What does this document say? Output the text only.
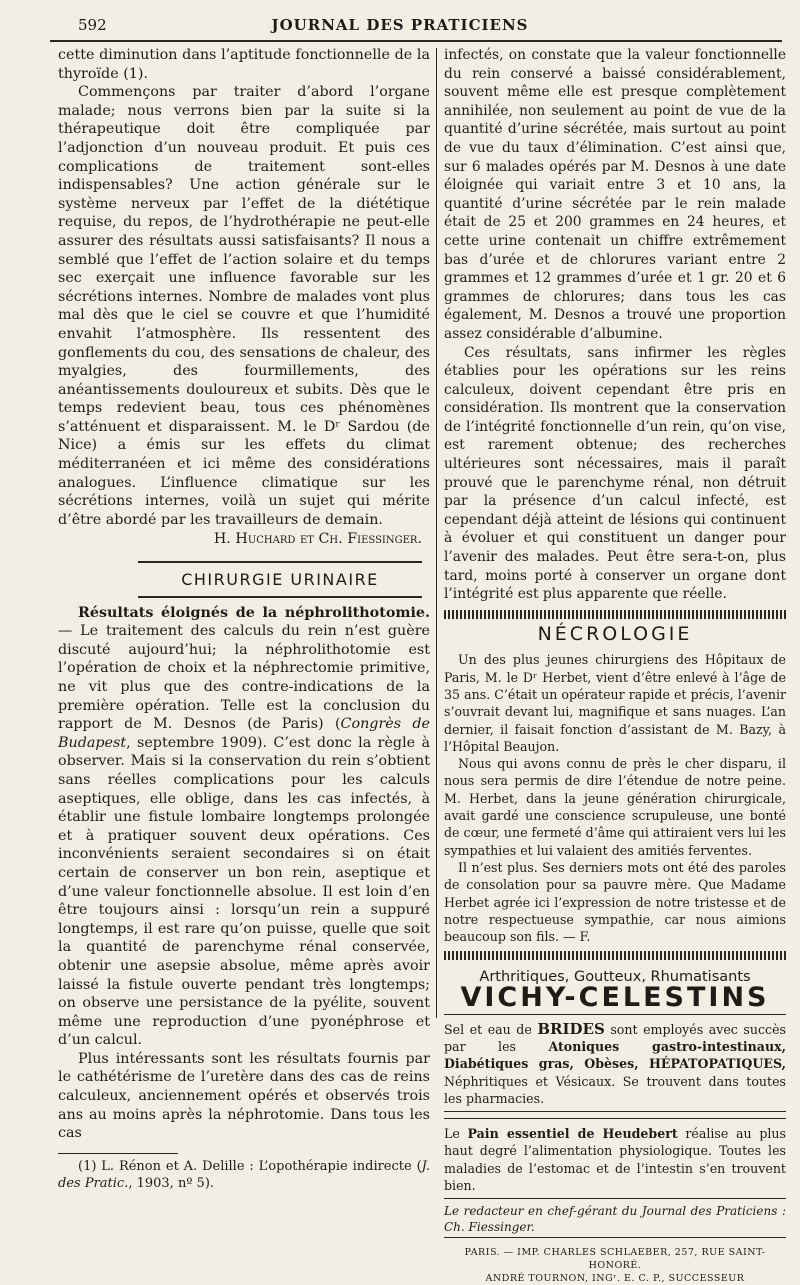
592	JOURNAL DES PRATICIENS

cette diminution dans l’aptitude fonctionnelle de la thyroïde (1).

Commençons par traiter d’abord l’organe malade; nous verrons bien par la suite si la thérapeutique doit être compliquée par l’adjonction d’un nouveau produit. Et puis ces complications de traitement sont-elles indispensables? Une action générale sur le système nerveux par l’effet de la diététique requise, du repos, de l’hydrothérapie ne peut-elle assurer des résultats aussi satisfaisants? Il nous a semblé que l’effet de l’action solaire et du temps sec exerçait une influence favorable sur les sécrétions internes. Nombre de malades vont plus mal dès que le ciel se couvre et que l’humidité envahit l’atmosphère. Ils ressentent des gonflements du cou, des sensations de chaleur, des myalgies, des fourmillements, des anéantissements douloureux et subits. Dès que le temps redevient beau, tous ces phénomènes s’atténuent et disparaissent. M. le Dʳ Sardou (de Nice) a émis sur les effets du climat méditerranéen et ici même des considérations analogues. L’influence climatique sur les sécrétions internes, voilà un sujet qui mérite d’être abordé par les travailleurs de demain.

H. Huchard et Ch. Fiessinger.
CHIRURGIE URINAIRE

Résultats éloignés de la néphrolithotomie. — Le traitement des calculs du rein n’est guère discuté aujourd’hui; la néphrolithotomie est l’opération de choix et la néphrectomie primitive, ne vit plus que des contre-indications de la première opération. Telle est la conclusion du rapport de M. Desnos (de Paris) (Congrès de Budapest, septembre 1909). C’est donc la règle à observer. Mais si la conservation du rein s’obtient sans réelles complications pour les calculs aseptiques, elle oblige, dans les cas infectés, à établir une fistule lombaire longtemps prolongée et à pratiquer souvent deux opérations. Ces inconvénients seraient secondaires si on était certain de conserver un bon rein, aseptique et d’une valeur fonctionnelle absolue. Il est loin d’en être toujours ainsi : lorsqu’un rein a suppuré longtemps, il est rare qu’on puisse, quelle que soit la quantité de parenchyme rénal conservée, obtenir une asepsie absolue, même après avoir laissé la fistule ouverte pendant très longtemps; on observe une persistance de la pyélite, souvent même une reproduction d’une pyonéphrose et d’un calcul.

Plus intéressants sont les résultats fournis par le cathétérisme de l’uretère dans des cas de reins calculeux, anciennement opérés et observés trois ans au moins après la néphrotomie. Dans tous les cas

(1) L. Rénon et A. Delille : L’opothérapie indirecte (J. des Pratic., 1903, nº 5).

infectés, on constate que la valeur fonctionnelle du rein conservé a baissé considérablement, souvent même elle est presque complètement annihilée, non seulement au point de vue de la quantité d’urine sécrétée, mais surtout au point de vue du taux d’élimination. C’est ainsi que, sur 6 malades opérés par M. Desnos à une date éloignée qui variait entre 3 et 10 ans, la quantité d’urine sécrétée par le rein malade était de 25 et 200 grammes en 24 heures, et cette urine contenait un chiffre extrêmement bas d’urée et de chlorures variant entre 2 grammes et 12 grammes d’urée et 1 gr. 20 et 6 grammes de chlorures; dans tous les cas également, M. Desnos a trouvé une proportion assez considérable d’albumine.

Ces résultats, sans infirmer les règles établies pour les opérations sur les reins calculeux, doivent cependant être pris en considération. Ils montrent que la conservation de l’intégrité fonctionnelle d’un rein, qu’on vise, est rarement obtenue; des recherches ultérieures sont nécessaires, mais il paraît prouvé que le parenchyme rénal, non détruit par la présence d’un calcul infecté, est cependant déjà atteint de lésions qui continuent à évoluer et qui constituent un danger pour l’avenir des malades. Peut être sera-t-on, plus tard, moins porté à conserver un organe dont l’intégrité est plus apparente que réelle.

NÉCROLOGIE

Un des plus jeunes chirurgiens des Hôpitaux de Paris, M. le Dʳ Herbet, vient d’être enlevé à l’âge de 35 ans. C’était un opérateur rapide et précis, l’avenir s’ouvrait devant lui, magnifique et sans nuages. L’an dernier, il faisait fonction d’assistant de M. Bazy, à l’Hôpital Beaujon.

Nous qui avons connu de près le cher disparu, il nous sera permis de dire l’étendue de notre peine. M. Herbet, dans la jeune génération chirurgicale, avait gardé une conscience scrupuleuse, une bonté de cœur, une fermeté d’âme qui attiraient vers lui les sympathies et lui valaient des amitiés ferventes.

Il n’est plus. Ses derniers mots ont été des paroles de consolation pour sa pauvre mère. Que Madame Herbet agrée ici l’expression de notre tristesse et de notre respectueuse sympathie, car nous aimions beaucoup son fils. — F.

Arthritiques, Goutteux, Rhumatisants
VICHY-CELESTINS
Sel et eau de BRIDES sont employés avec succès par les Atoniques gastro-intestinaux, Diabétiques gras, Obèses, HÉPATOPATIQUES, Néphritiques et Vésicaux. Se trouvent dans toutes les pharmacies.
Le Pain essentiel de Heudebert réalise au plus haut degré l’alimentation physiologique. Toutes les maladies de l’estomac et de l’intestin s’en trouvent bien.
Le redacteur en chef-gérant du Journal des Praticiens : Ch. Fiessinger.
PARIS. — IMP. CHARLES SCHLAEBER, 257, RUE SAINT-HONORÉ.
ANDRÉ TOURNON, INGʳ. E. C. P., SUCCESSEUR
